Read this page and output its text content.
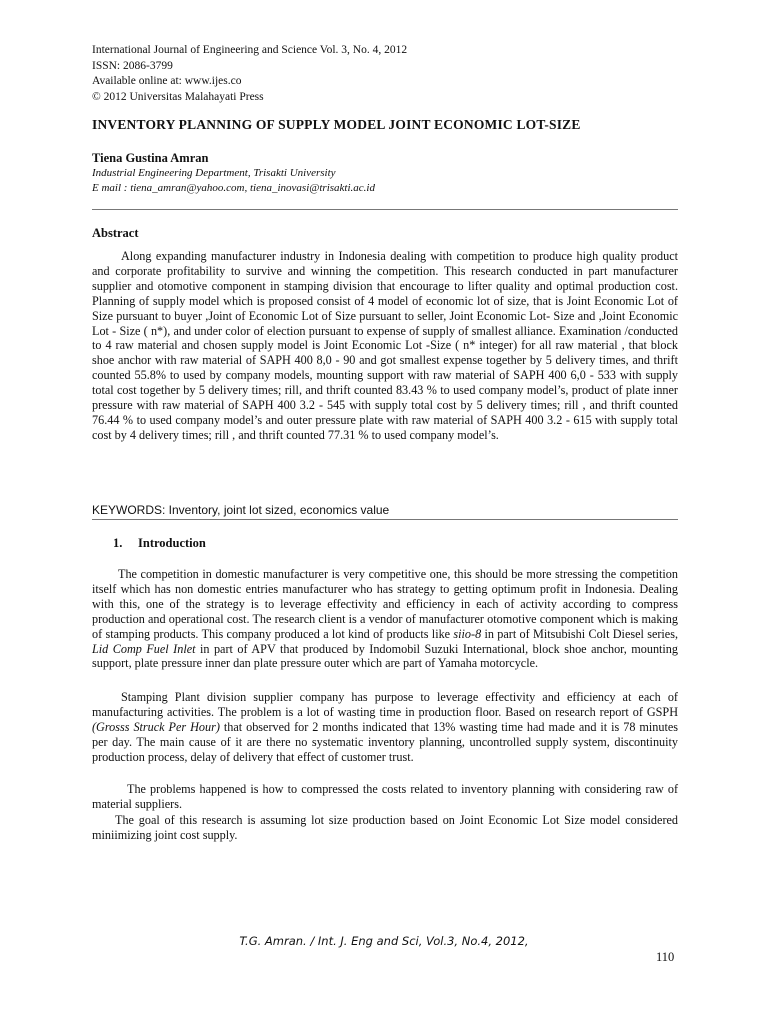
International Journal of Engineering and Science Vol. 3, No. 4, 2012
ISSN: 2086-3799
Available online at: www.ijes.co
© 2012 Universitas Malahayati Press
INVENTORY PLANNING OF SUPPLY MODEL JOINT ECONOMIC LOT-SIZE
Tiena Gustina Amran
Industrial Engineering Department, Trisakti University
E mail : tiena_amran@yahoo.com, tiena_inovasi@trisakti.ac.id
Abstract

Along expanding manufacturer industry in Indonesia dealing with competition to produce high quality product and corporate profitability to survive and winning the competition. This research conducted in part manufacturer supplier and otomotive component in stamping division that encourage to lifter quality and optimal production cost. Planning of supply model which is proposed consist of 4 model of economic lot of size, that is Joint Economic Lot of Size pursuant to buyer ,Joint of Economic Lot of Size pursuant to seller, Joint Economic Lot- Size and ,Joint Economic Lot - Size ( n*), and under color of election pursuant to expense of supply of smallest alliance. Examination /conducted to 4 raw material and chosen supply model is Joint Economic Lot -Size ( n* integer) for all raw material , that block shoe anchor with raw material of SAPH 400 8,0 - 90 and got smallest expense together by 5 delivery times, and thrift counted 55.8% to used by company models, mounting support with raw material of SAPH 400 6,0 - 533 with supply total cost together by 5 delivery times; rill, and thrift counted 83.43 % to used company model’s, product of plate inner pressure with raw material of SAPH 400 3.2 - 545 with supply total cost by 5 delivery times; rill , and thrift counted 76.44 % to used company model’s and outer pressure plate with raw material of SAPH 400 3.2 - 615 with supply total cost by 4 delivery times; rill , and thrift counted 77.31 % to used company model’s.

KEYWORDS: Inventory, joint lot sized, economics value
1. Introduction

The competition in domestic manufacturer is very competitive one, this should be more stressing the competition itself which has non domestic entries manufacturer who has strategy to getting optimum profit in Indonesia. Dealing with this, one of the strategy is to leverage effectivity and efficiency in each of activity according to compress production and operational cost. The research client is a vendor of manufacturer otomotive component which is making of stamping products. This company produced a lot kind of products like siio-8 in part of Mitsubishi Colt Diesel series, Lid Comp Fuel Inlet in part of APV that produced by Indomobil Suzuki International, block shoe anchor, mounting support, plate pressure inner dan plate pressure outer which are part of Yamaha motorcycle.

Stamping Plant division supplier company has purpose to leverage effectivity and efficiency at each of manufacturing activities. The problem is a lot of wasting time in production floor. Based on research report of GSPH (Grosss Struck Per Hour) that observed for 2 months indicated that 13% wasting time had made and it is 78 minutes per day. The main cause of it are there no systematic inventory planning, uncontrolled supply system, discontinuity production process, delay of delivery that effect of customer trust.

The problems happened is how to compressed the costs related to inventory planning with considering raw of material suppliers.

The goal of this research is assuming lot size production based on Joint Economic Lot Size model considered miniimizing joint cost supply.

T.G. Amran. / Int. J. Eng and Sci, Vol.3, No.4, 2012,
110
